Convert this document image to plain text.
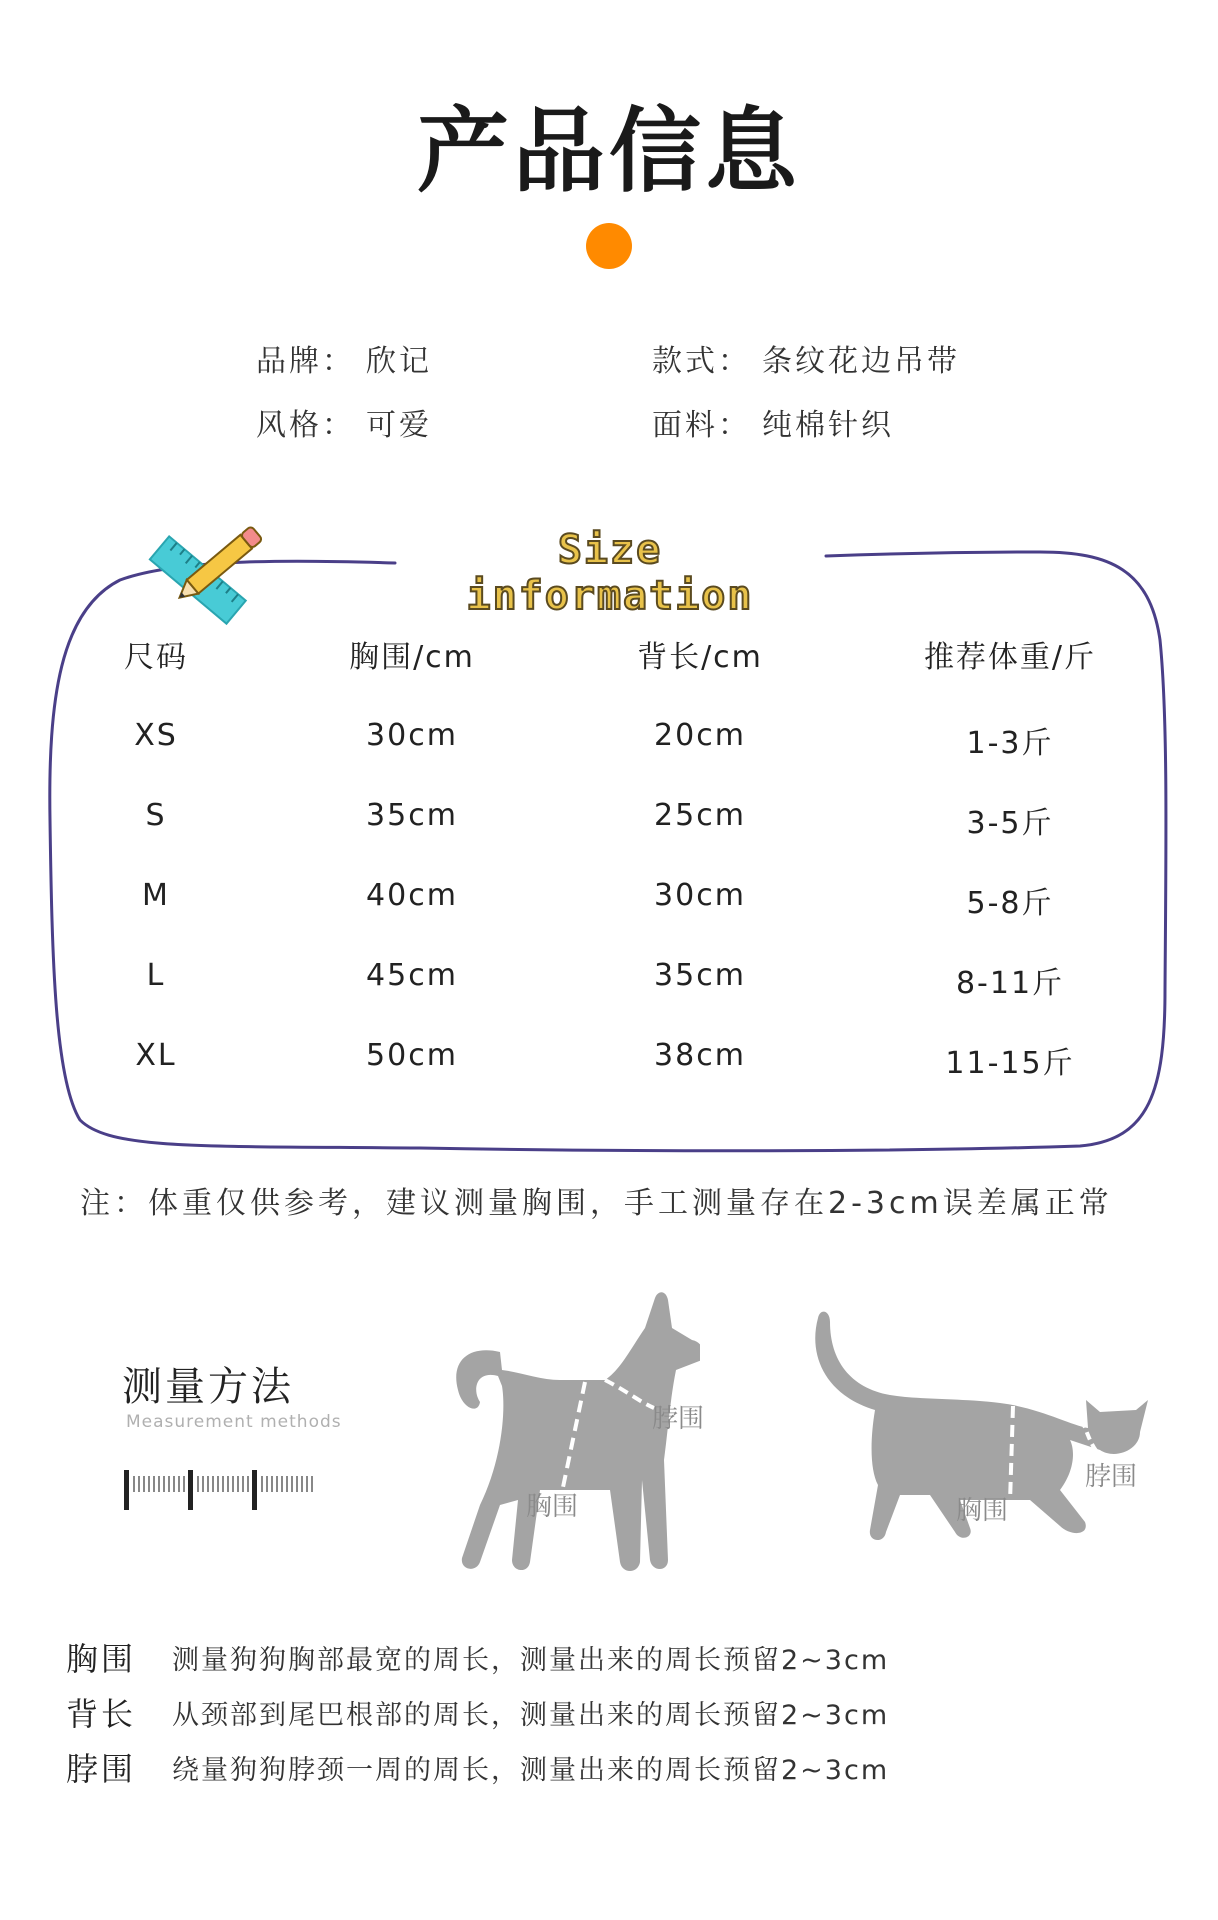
产品信息
品牌： 欣记	款式： 条纹花边吊带
风格： 可爱	面料： 纯棉针织
Size information
尺码	胸围/cm	背长/cm	推荐体重/斤
XS	30cm	20cm	1-3斤
S	35cm	25cm	3-5斤
M	40cm	30cm	5-8斤
L	45cm	35cm	8-11斤
XL	50cm	38cm	11-15斤
注：体重仅供参考，建议测量胸围，手工测量存在2-3cm误差属正常
测量方法
Measurement methods	脖围
胸围
脖围
胸围
胸围 测量狗狗胸部最宽的周长，测量出来的周长预留2~3cm
背长 从颈部到尾巴根部的周长，测量出来的周长预留2~3cm
脖围 绕量狗狗脖颈一周的周长，测量出来的周长预留2~3cm
